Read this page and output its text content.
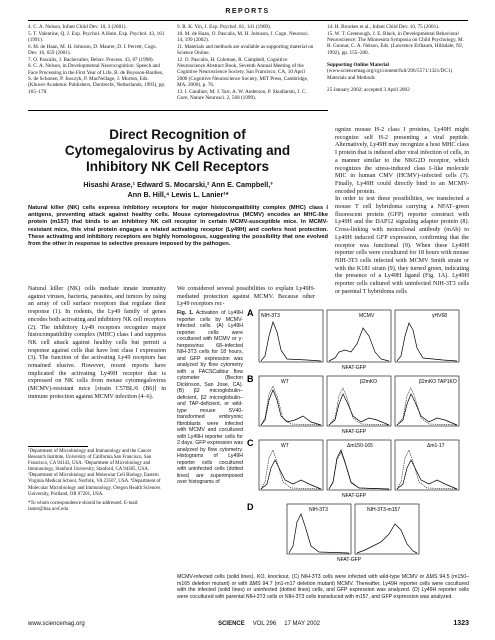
REPORTS
4. C. A. Nelson, Infant Child Dev. 10, 3 (2001).
5. T. Valentine, Q. J. Exp. Psychol. A Hum. Exp. Psychol. 43, 161 (1991).
6. M. de Haan, M. H. Johnson, D. Maurer, D. I. Perrett, Cogn. Dev. 16, 659 (2001).
7. O. Pascalis, J. Bachevalier, Behav. Process. 43, 87 (1998).
8. C. A. Nelson, in Developmental Neurocognition: Speech and Face Processing in the First Year of Life, B. de Boysson-Bardies, S. de Schonen, P. Jusczyk, P. MacNeilage, J. Morton, Eds. (Kluwer Academic Publishers, Dordrecht, Netherlands, 1993), pp. 165–178.
9. R. K. Yin, J. Exp. Psychol. 81, 141 (1969).
10. M. de Haan, O. Pascalis, M. H. Johnson, J. Cogn. Neurosci. 14, 199 (2002).
11. Materials and methods are available as supporting material on Science Online.
12. O. Pascalis, H. Coleman, R. Campbell, Cognitive Neuroscience Abstract Book, Seventh Annual Meeting of the Cognitive Neuroscience Society, San Francisco, CA, 10 April 2000 (Cognitive Neuroscience Society, MIT Press, Cambridge, MA, 2000), p. 76.
13. I. Gauthier, M. J. Tarr, A. W. Anderson, P. Skudlarski, J. C. Gore, Nature Neurosci. 2, 568 (1999).
14. H. Brookes et al., Infant Child Dev. 10, 75 (2001).
15. W. T. Greenough, J. E. Black, in Developmental Behavioral Neuroscience: The Minnesota Symposia on Child Psychology, M. R. Gunnar, C. A. Nelson, Eds. (Lawrence Erlbaum, Hillsdale, NJ, 1992), pp. 155–200.
Supporting Online Material
(www.sciencemag.org/cgi/content/full/296/5571/1321/DC1)
Materials and Methods
25 January 2002; accepted 3 April 2002
Direct Recognition of Cytomegalovirus by Activating and Inhibitory NK Cell Receptors
Hisashi Arase,¹ Edward S. Mocarski,² Ann E. Campbell,³
Ann B. Hill,⁴ Lewis L. Lanier¹*
Natural killer (NK) cells express inhibitory receptors for major histocompatibility complex (MHC) class I antigens, preventing attack against healthy cells. Mouse cytomegalovirus (MCMV) encodes an MHC-like protein (m157) that binds to an inhibitory NK cell receptor in certain MCMV-susceptible mice. In MCMV-resistant mice, this viral protein engages a related activating receptor (Ly49H) and confers host protection. These activating and inhibitory receptors are highly homologous, suggesting the possibility that one evolved from the other in response to selective pressure imposed by the pathogen.
ognize mouse H-2 class I proteins, Ly49H might recognize self H-2 presenting a viral peptide. Alternatively, Ly49H may recognize a host MHC class I protein that is induced after viral infection of cells, in a manner similar to the NKG2D receptor, which recognizes the stress-induced class I–like molecule MIC in human CMV (HCMV)–infected cells (7). Finally, Ly49H could directly bind to an MCMV-encoded protein.
In order to test these possibilities, we transfected a mouse T cell hybridoma carrying a NFAT–green fluorescent protein (GFP) reporter construct with Ly49H and the DAP12 signaling adapter protein (8). Cross-linking with monoclonal antibody (mAb) to Ly49H induced GFP expression, confirming that the receptor was functional (9). When these Ly49H reporter cells were cocultured for 18 hours with mouse NIH-3T3 cells infected with MCMV Smith strain or with the K181 strain (9), they turned green, indicating the presence of a Ly49H ligand (Fig. 1A). Ly49H reporter cells cultured with uninfected NIH-3T3 cells or parental T hybridoma cells
Natural killer (NK) cells mediate innate immunity against viruses, bacteria, parasites, and tumors by using an array of cell surface receptors that regulate their response (1). In rodents, the Ly49 family of genes encodes both activating and inhibitory NK cell receptors (2). The inhibitory Ly49 receptors recognize major histocompatibility complex (MHC) class I and suppress NK cell attack against healthy cells but permit a response against cells that have lost class I expression (3). The function of the activating Ly49 receptors has remained elusive. However, recent reports have implicated the activating Ly49H receptor that is expressed on NK cells from mouse cytomegalovirus (MCMV)-resistant mice [strain C57BL/6 (B6)] in immune protection against MCMV infection (4–6).
¹Department of Microbiology and Immunology and the Cancer Research Institute, University of California San Francisco, San Francisco, CA 94143, USA. ²Department of Microbiology and Immunology, Stanford University, Stanford, CA 94305, USA. ³Department of Microbiology and Molecular Cell Biology, Eastern Virginia Medical School, Norfolk, VA 23507, USA. ⁴Department of Molecular Microbiology and Immunology, Oregon Health Sciences University, Portland, OR 97201, USA.
*To whom correspondence should be addressed. E-mail: lanier@itsa.ucsf.edu
We considered several possibilities to explain Ly49H-mediated protection against MCMV. Because other Ly49 receptors rec-
Fig. 1. Activation of Ly49H reporter cells by MCMV-infected cells. (A) Ly49H reporter cells were cocultured with MCMV or γ-herpesvirus 68–infected NIH-3T3 cells for 18 hours, and GFP expression was analyzed by flow cytometry with a FACSCalibur flow cytometer (Becton Dickinson, San Jose, CA). (B) β2 microglobulin–deficient, β2 microglobulin– and TAP-deficient, or wild-type mouse SV40-transformed embryonic fibroblasts were infected with MCMV and cocultured with Ly49H reporter cells for 2 days. GFP expression was analyzed by flow cytometry. Histograms of Ly49H reporter cells cocultured with uninfected cells (dotted lines) are superimposed over histograms of
A NIH-3T3	MCMV	γHV68
NFAT-GFP
B	WT	β2mKO	β2mKO TAP1KO
NFAT-GFP
C	WT	Δm150-165	Δm1-17
NFAT-GFP
D	NIH-3T3	NIH-3T3-m157
NFAT-GFP
MCMV-infected cells (solid lines). KO, knockout. (C) NIH-3T3 cells were infected with wild-type MCMV or ΔMS 94.5 (m150–m165 deletion mutant) or with ΔMS 94.7 (m1-m17 deletion mutant) MCMV. Thereafter, Ly49H reporter cells were cocultured with the infected (solid lines) or uninfected (dotted lines) cells, and GFP expression was analyzed. (D) Ly49H reporter cells were cocultured with parental NIH-3T3 cells or NIH-3T3 cells transduced with m157, and GFP expression was analyzed.
www.sciencemag.org	SCIENCE VOL 296 17 MAY 2002	1323
